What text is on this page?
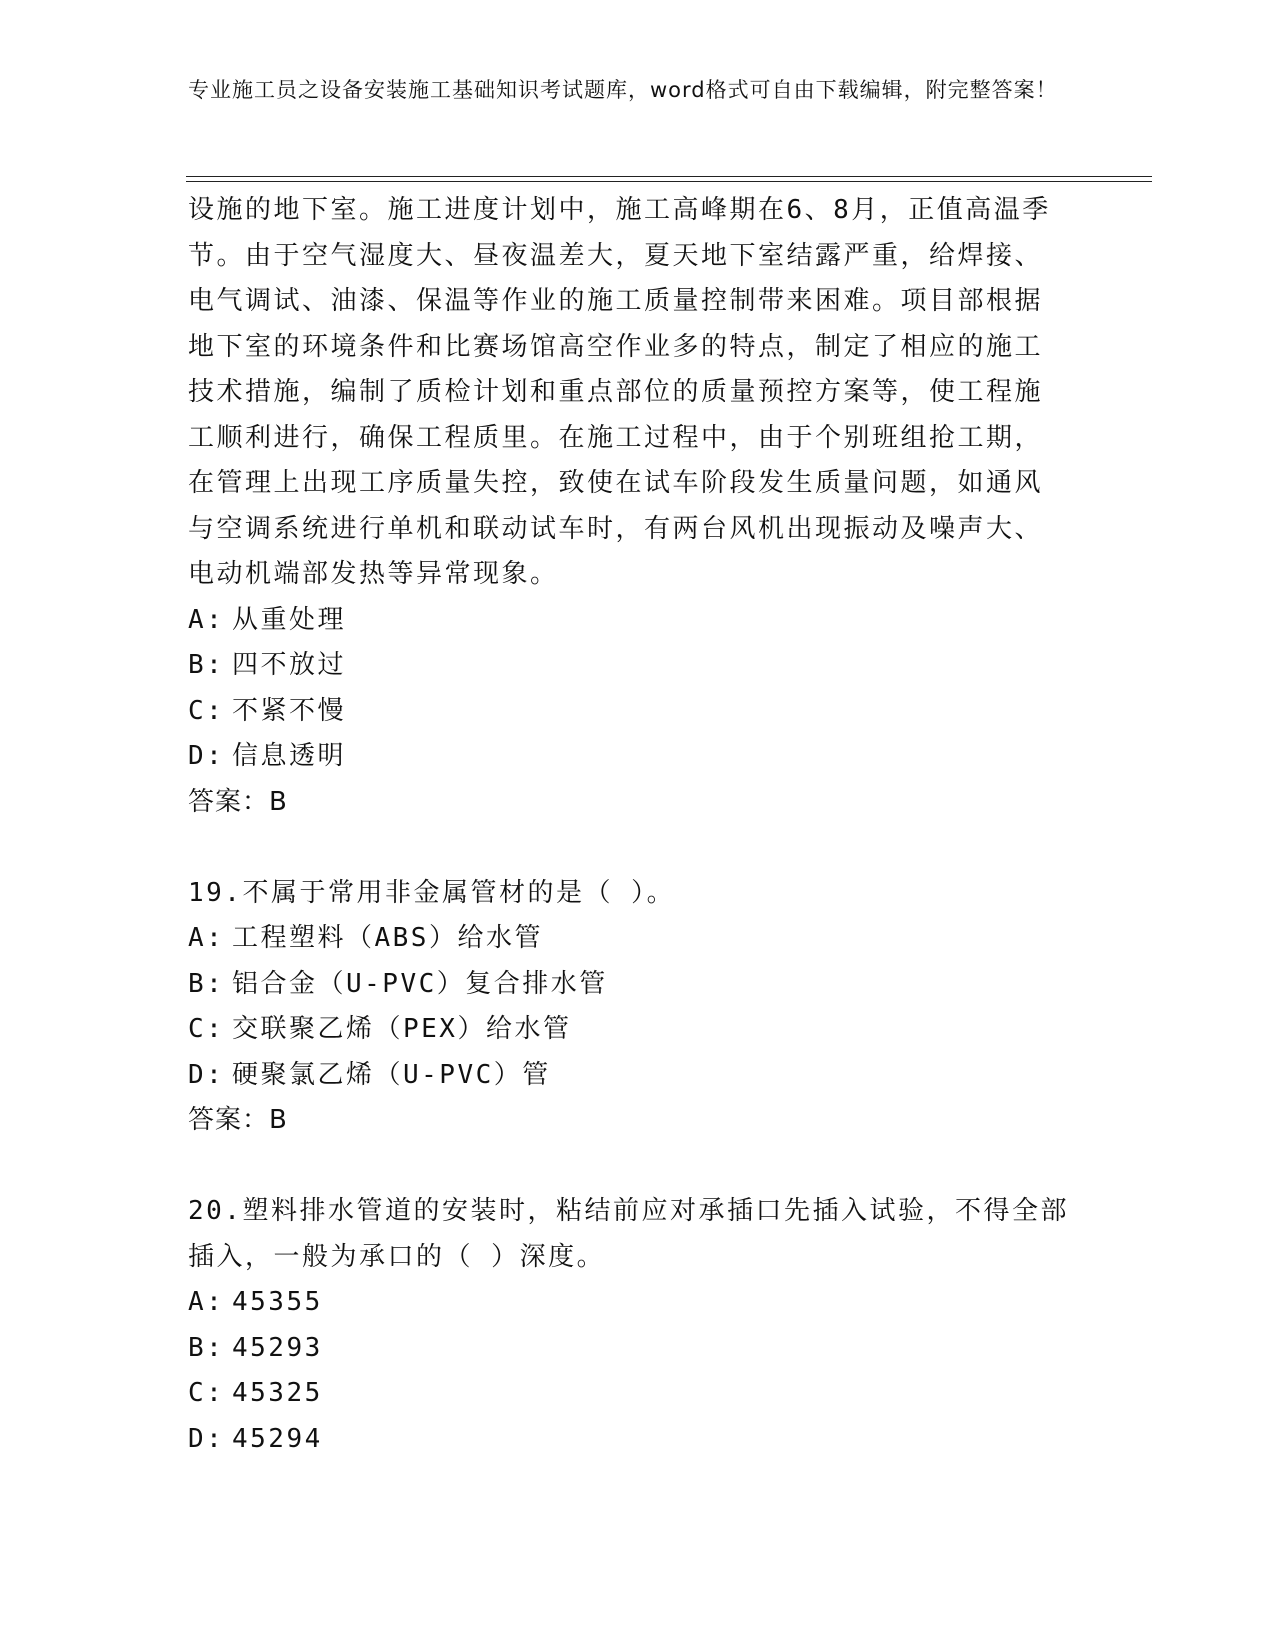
专业施工员之设备安装施工基础知识考试题库，word格式可自由下载编辑，附完整答案！
设施的地下室。施工进度计划中，施工高峰期在6、8月，正值高温季
节。由于空气湿度大、昼夜温差大，夏天地下室结露严重，给焊接、
电气调试、油漆、保温等作业的施工质量控制带来困难。项目部根据
地下室的环境条件和比赛场馆高空作业多的特点，制定了相应的施工
技术措施，编制了质检计划和重点部位的质量预控方案等，使工程施
工顺利进行，确保工程质里。在施工过程中，由于个别班组抢工期，
在管理上出现工序质量失控，致使在试车阶段发生质量问题，如通风
与空调系统进行单机和联动试车时，有两台风机出现振动及噪声大、
电动机端部发热等异常现象。
A: 从重处理
B: 四不放过
C: 不紧不慢
D: 信息透明
答案：B
19.不属于常用非金属管材的是（ ）。
A: 工程塑料（ABS）给水管
B: 铝合金（U-PVC）复合排水管
C: 交联聚乙烯（PEX）给水管
D: 硬聚氯乙烯（U-PVC）管
答案：B
20.塑料排水管道的安装时，粘结前应对承插口先插入试验，不得全部
插入，一般为承口的（ ）深度。
A: 45355
B: 45293
C: 45325
D: 45294
